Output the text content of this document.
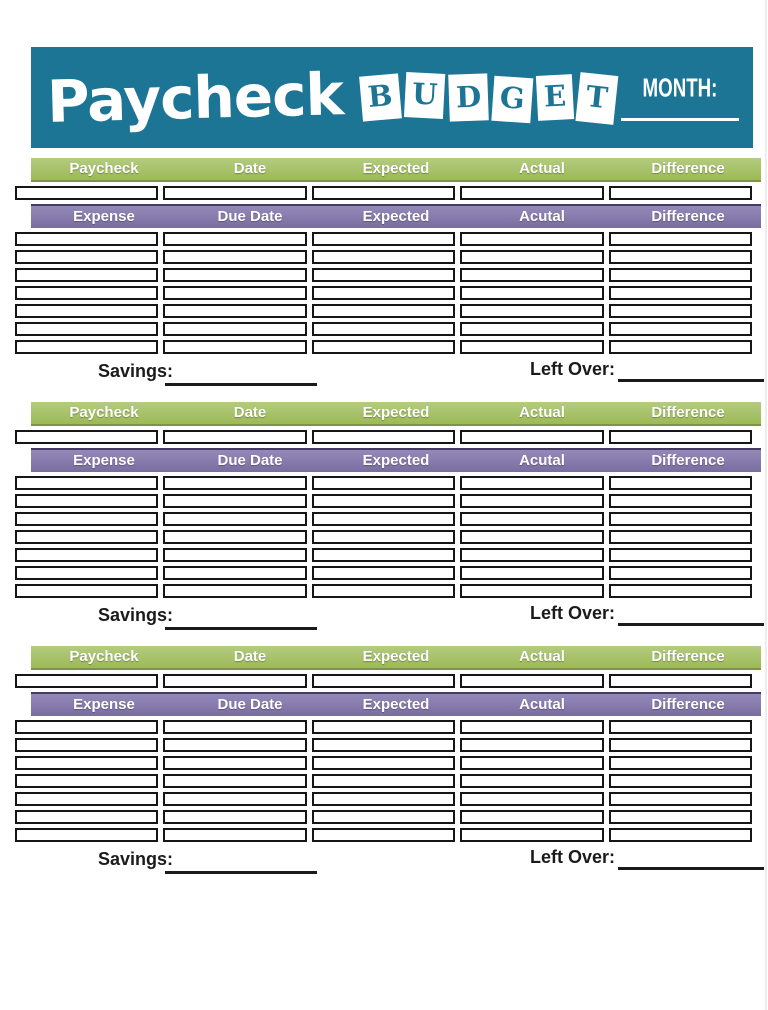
Paycheck B U D G E T	MONTH:
Paycheck	Date	Expected	Actual	Difference

Expense	Due Date	Expected	Acutal	Difference

Savings:	Left Over:
Paycheck	Date	Expected	Actual	Difference

Expense	Due Date	Expected	Acutal	Difference

Savings:	Left Over:
Paycheck	Date	Expected	Actual	Difference

Expense	Due Date	Expected	Acutal	Difference

Savings:	Left Over:
